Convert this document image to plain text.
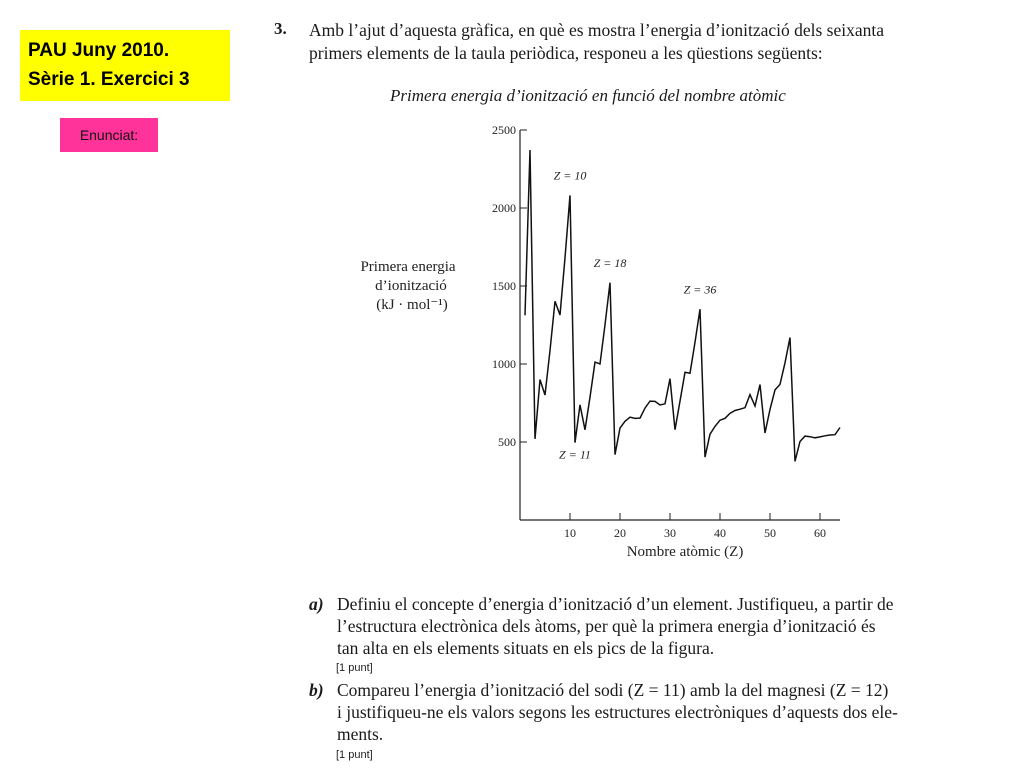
PAU Juny 2010.
Sèrie 1. Exercici 3
Enunciat:
3. Amb l’ajut d’aquesta gràfica, en què es mostra l’energia d’ionització dels seixanta
primers elements de la taula periòdica, responeu a les qüestions següents:
Primera energia d’ionització en funció del nombre atòmic
Primera energia
d’ionització
(kJ · mol⁻¹)
500
1000
1500
2000
2500
10	20	30	40	50	60
Z = 10
Z = 18
Z = 36
Z = 11
Nombre atòmic (Z)
a) Definiu el concepte d’energia d’ionització d’un element. Justifiqueu, a partir de
l’estructura electrònica dels àtoms, per què la primera energia d’ionització és
tan alta en els elements situats en els pics de la figura.
[1 punt]
b) Compareu l’energia d’ionització del sodi (Z = 11) amb la del magnesi (Z = 12)
i justifiqueu-ne els valors segons les estructures electròniques d’aquests dos ele-
ments.
[1 punt]
